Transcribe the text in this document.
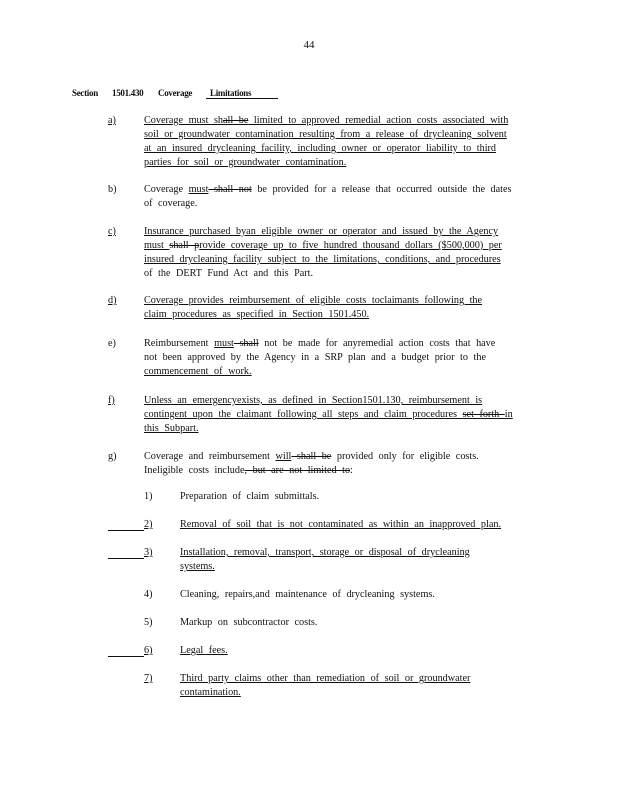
44
Section 1501.430 Coverage Limitations
a)	Coverage must shall be limited to approved remedial action costs associated with
soil or groundwater contamination resulting from a release of drycleaning solvent
at an insured drycleaning facility, including owner or operator liability to third
parties for soil or groundwater contamination.
b)	Coverage must shall not be provided for a release that occurred outside the dates
of coverage.
c)	Insurance purchased byan eligible owner or operator and issued by the Agency
must shall provide coverage up to five hundred thousand dollars ($500,000) per
insured drycleaning facility subject to the limitations, conditions, and procedures
of the DERT Fund Act and this Part.
d)	Coverage provides reimbursement of eligible costs toclaimants following the
claim procedures as specified in Section 1501.450.
e)	Reimbursement must shall not be made for anyremedial action costs that have
not been approved by the Agency in a SRP plan and a budget prior to the
commencement of work.
f)	Unless an emergencyexists, as defined in Section1501.130, reimbursement is
contingent upon the claimant following all steps and claim procedures set forth in
this Subpart.
g)	Coverage and reimbursement will shall be provided only for eligible costs.
Ineligible costs include, but are not limited to:
1)	Preparation of claim submittals.
2)	Removal of soil that is not contaminated as within an inapproved plan.
3)	Installation, removal, transport, storage or disposal of drycleaning
systems.
4)	Cleaning, repairs,and maintenance of drycleaning systems.
5)	Markup on subcontractor costs.
6)	Legal fees.
7)	Third party claims other than remediation of soil or groundwater
contamination.
